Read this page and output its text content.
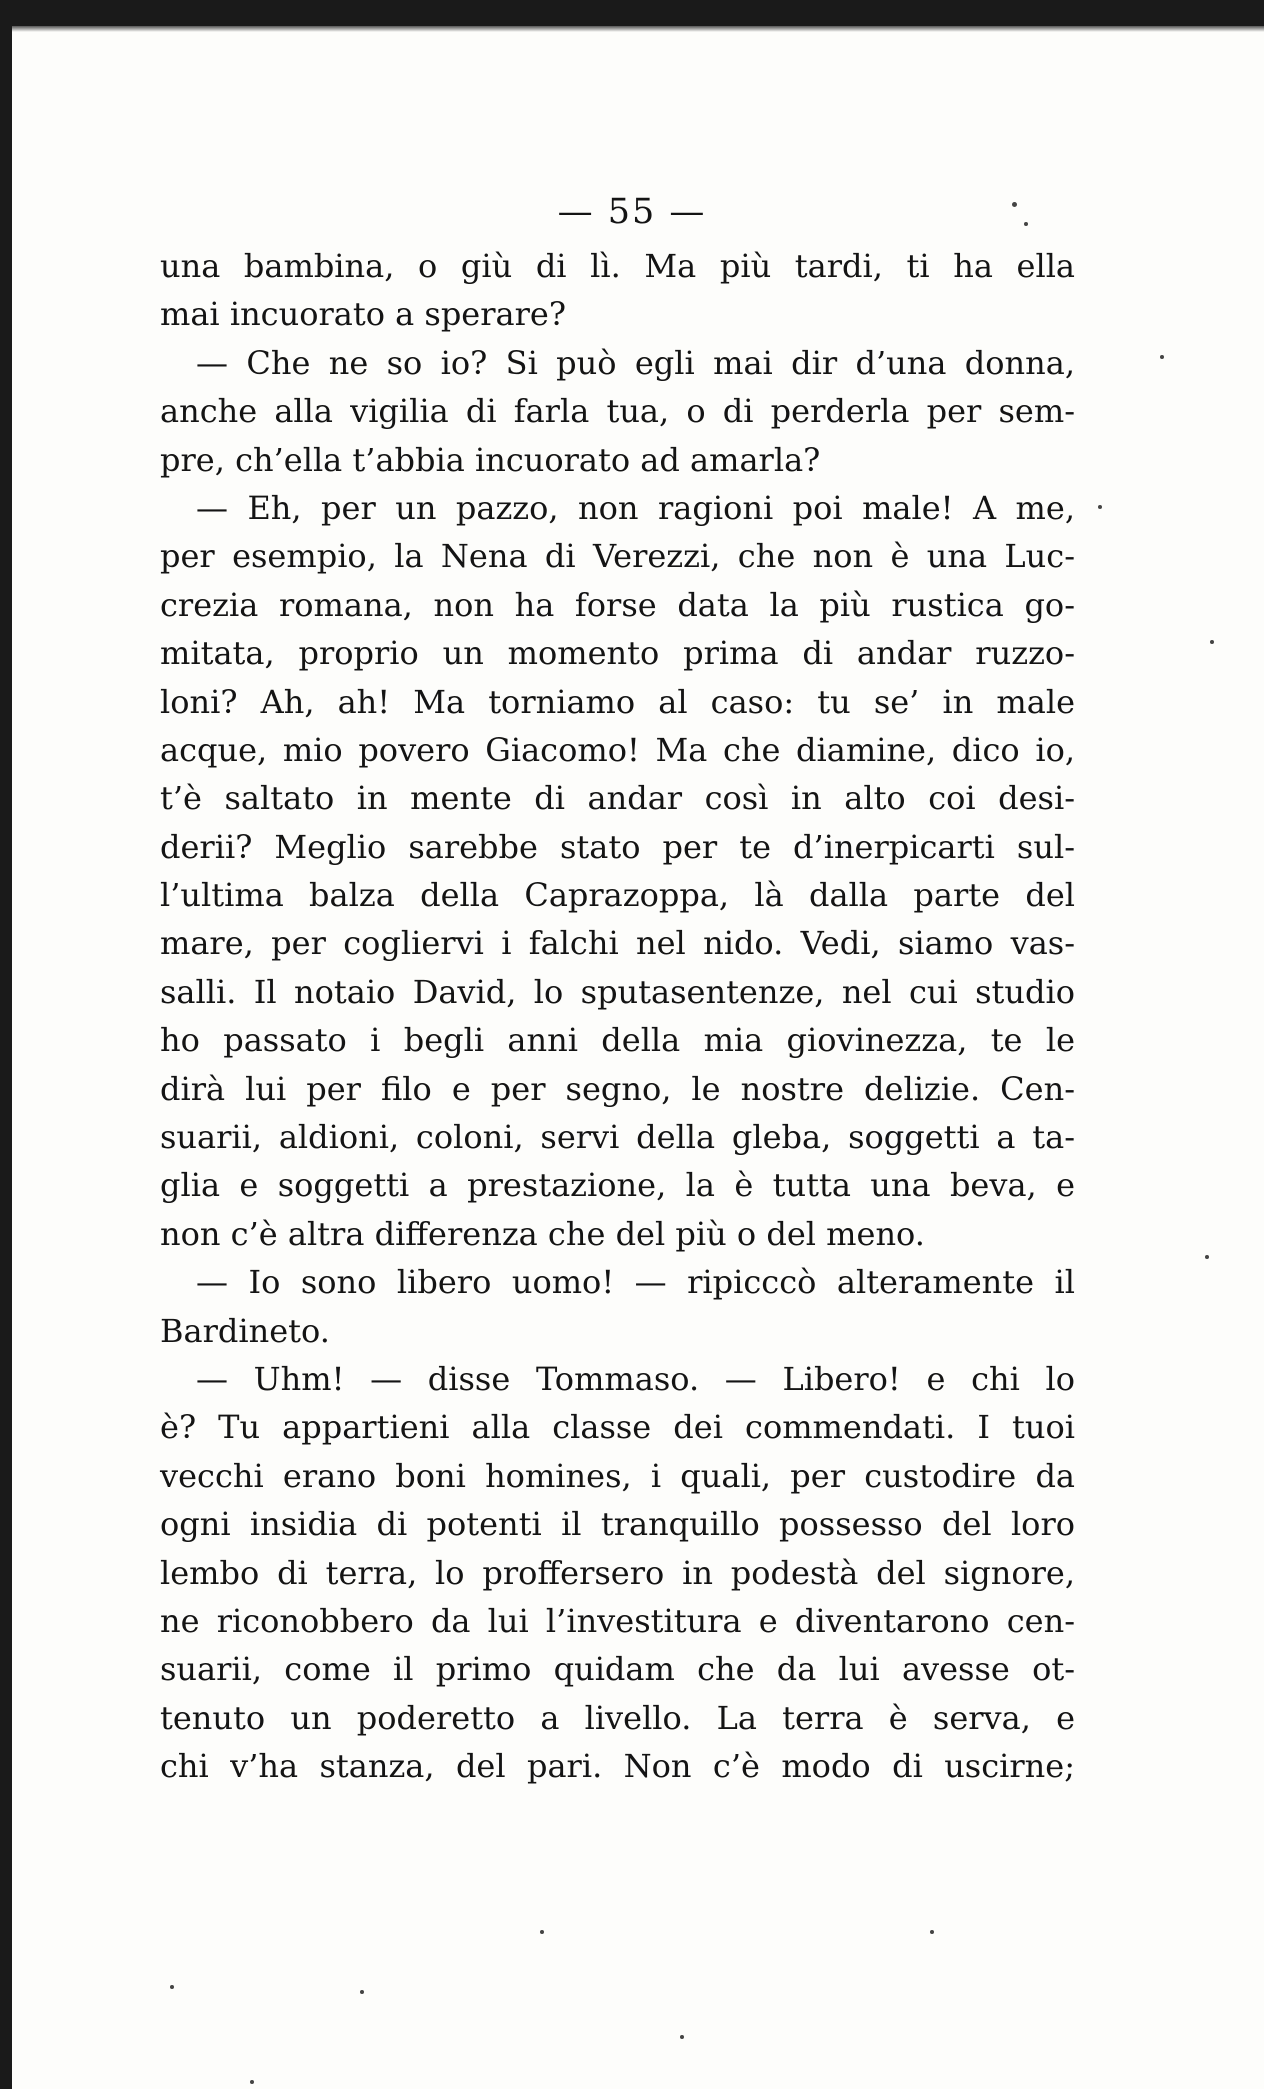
— 55 —
una bambina, o giù di lì. Ma più tardi, ti ha ella
mai incuorato a sperare?
— Che ne so io? Si può egli mai dir d’una donna,
anche alla vigilia di farla tua, o di perderla per sem-
pre, ch’ella t’abbia incuorato ad amarla?
— Eh, per un pazzo, non ragioni poi male! A me,
per esempio, la Nena di Verezzi, che non è una Luc-
crezia romana, non ha forse data la più rustica go-
mitata, proprio un momento prima di andar ruzzo-
loni? Ah, ah! Ma torniamo al caso: tu se’ in male
acque, mio povero Giacomo! Ma che diamine, dico io,
t’è saltato in mente di andar così in alto coi desi-
derii? Meglio sarebbe stato per te d’inerpicarti sul-
l’ultima balza della Caprazoppa, là dalla parte del
mare, per cogliervi i falchi nel nido. Vedi, siamo vas-
salli. Il notaio David, lo sputasentenze, nel cui studio
ho passato i begli anni della mia giovinezza, te le
dirà lui per filo e per segno, le nostre delizie. Cen-
suarii, aldioni, coloni, servi della gleba, soggetti a ta-
glia e soggetti a prestazione, la è tutta una beva, e
non c’è altra differenza che del più o del meno.
— Io sono libero uomo! — ripicccò alteramente il
Bardineto.
— Uhm! — disse Tommaso. — Libero! e chi lo
è? Tu appartieni alla classe dei commendati. I tuoi
vecchi erano boni homines, i quali, per custodire da
ogni insidia di potenti il tranquillo possesso del loro
lembo di terra, lo profferserο in podestà del signore,
ne riconobbero da lui l’investitura e diventarono cen-
suarii, come il primo quidam che da lui avesse ot-
tenuto un poderetto a livello. La terra è serva, e
chi v’ha stanza, del pari. Non c’è modo di uscirne;
